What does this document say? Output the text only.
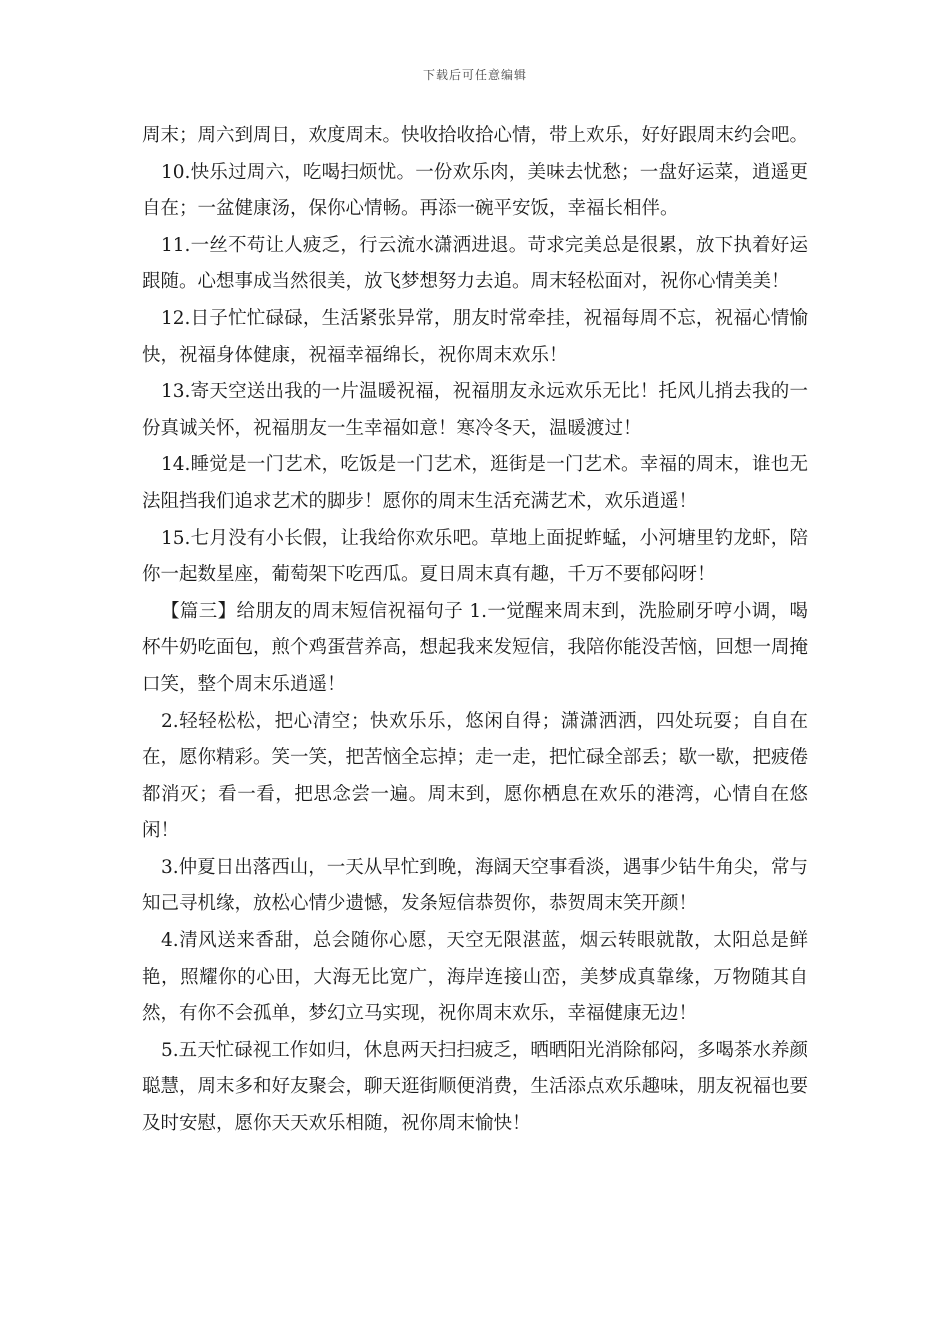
下载后可任意编辑

周末；周六到周日，欢度周末。快收拾收拾心情，带上欢乐，好好跟周末约会吧。

10.快乐过周六，吃喝扫烦忧。一份欢乐肉，美味去忧愁；一盘好运菜，逍遥更自在；一盆健康汤，保你心情畅。再添一碗平安饭，幸福长相伴。

11.一丝不苟让人疲乏，行云流水潇洒进退。苛求完美总是很累，放下执着好运跟随。心想事成当然很美，放飞梦想努力去追。周末轻松面对，祝你心情美美！

12.日子忙忙碌碌，生活紧张异常，朋友时常牵挂，祝福每周不忘，祝福心情愉快，祝福身体健康，祝福幸福绵长，祝你周末欢乐！

13.寄天空送出我的一片温暖祝福，祝福朋友永远欢乐无比！托风儿捎去我的一份真诚关怀，祝福朋友一生幸福如意！寒冷冬天，温暖渡过！

14.睡觉是一门艺术，吃饭是一门艺术，逛街是一门艺术。幸福的周末，谁也无法阻挡我们追求艺术的脚步！愿你的周末生活充满艺术，欢乐逍遥！

15.七月没有小长假，让我给你欢乐吧。草地上面捉蚱蜢，小河塘里钓龙虾，陪你一起数星座，葡萄架下吃西瓜。夏日周末真有趣，千万不要郁闷呀！

【篇三】给朋友的周末短信祝福句子 1.一觉醒来周末到，洗脸刷牙哼小调，喝杯牛奶吃面包，煎个鸡蛋营养高，想起我来发短信，我陪你能没苦恼，回想一周掩口笑，整个周末乐逍遥！

2.轻轻松松，把心清空；快欢乐乐，悠闲自得；潇潇洒洒，四处玩耍；自自在在，愿你精彩。笑一笑，把苦恼全忘掉；走一走，把忙碌全部丢；歇一歇，把疲倦都消灭；看一看，把思念尝一遍。周末到，愿你栖息在欢乐的港湾，心情自在悠闲！

3.仲夏日出落西山，一天从早忙到晚，海阔天空事看淡，遇事少钻牛角尖，常与知己寻机缘，放松心情少遗憾，发条短信恭贺你，恭贺周末笑开颜！

4.清风送来香甜，总会随你心愿，天空无限湛蓝，烟云转眼就散，太阳总是鲜艳，照耀你的心田，大海无比宽广，海岸连接山峦，美梦成真靠缘，万物随其自然，有你不会孤单，梦幻立马实现，祝你周末欢乐，幸福健康无边！

5.五天忙碌视工作如归，休息两天扫扫疲乏，晒晒阳光消除郁闷，多喝茶水养颜聪慧，周末多和好友聚会，聊天逛街顺便消费，生活添点欢乐趣味，朋友祝福也要及时安慰，愿你天天欢乐相随，祝你周末愉快！
